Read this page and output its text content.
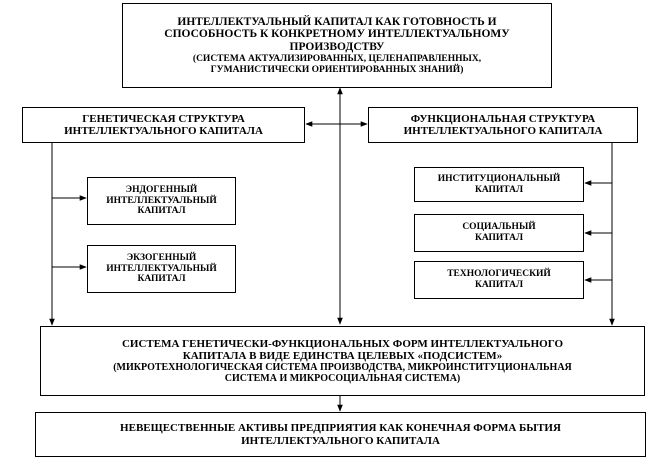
ИНТЕЛЛЕКТУАЛЬНЫЙ КАПИТАЛ КАК ГОТОВНОСТЬ И
СПОСОБНОСТЬ К КОНКРЕТНОМУ ИНТЕЛЛЕКТУАЛЬНОМУ
ПРОИЗВОДСТВУ
(СИСТЕМА АКТУАЛИЗИРОВАННЫХ, ЦЕЛЕНАПРАВЛЕННЫХ,
ГУМАНИСТИЧЕСКИ ОРИЕНТИРОВАННЫХ ЗНАНИЙ)
ГЕНЕТИЧЕСКАЯ СТРУКТУРА
ИНТЕЛЛЕКТУАЛЬНОГО КАПИТАЛА
ФУНКЦИОНАЛЬНАЯ СТРУКТУРА
ИНТЕЛЛЕКТУАЛЬНОГО КАПИТАЛА
ЭНДОГЕННЫЙ
ИНТЕЛЛЕКТУАЛЬНЫЙ
КАПИТАЛ
ЭКЗОГЕННЫЙ
ИНТЕЛЛЕКТУАЛЬНЫЙ
КАПИТАЛ
ИНСТИТУЦИОНАЛЬНЫЙ
КАПИТАЛ
СОЦИАЛЬНЫЙ
КАПИТАЛ
ТЕХНОЛОГИЧЕСКИЙ
КАПИТАЛ
СИСТЕМА ГЕНЕТИЧЕСКИ-ФУНКЦИОНАЛЬНЫХ ФОРМ ИНТЕЛЛЕКТУАЛЬНОГО
КАПИТАЛА В ВИДЕ ЕДИНСТВА ЦЕЛЕВЫХ «ПОДСИСТЕМ»
(МИКРОТЕХНОЛОГИЧЕСКАЯ СИСТЕМА ПРОИЗВОДСТВА, МИКРОИНСТИТУЦИОНАЛЬНАЯ
СИСТЕМА И МИКРОСОЦИАЛЬНАЯ СИСТЕМА)
НЕВЕЩЕСТВЕННЫЕ АКТИВЫ ПРЕДПРИЯТИЯ КАК КОНЕЧНАЯ ФОРМА БЫТИЯ
ИНТЕЛЛЕКТУАЛЬНОГО КАПИТАЛА
